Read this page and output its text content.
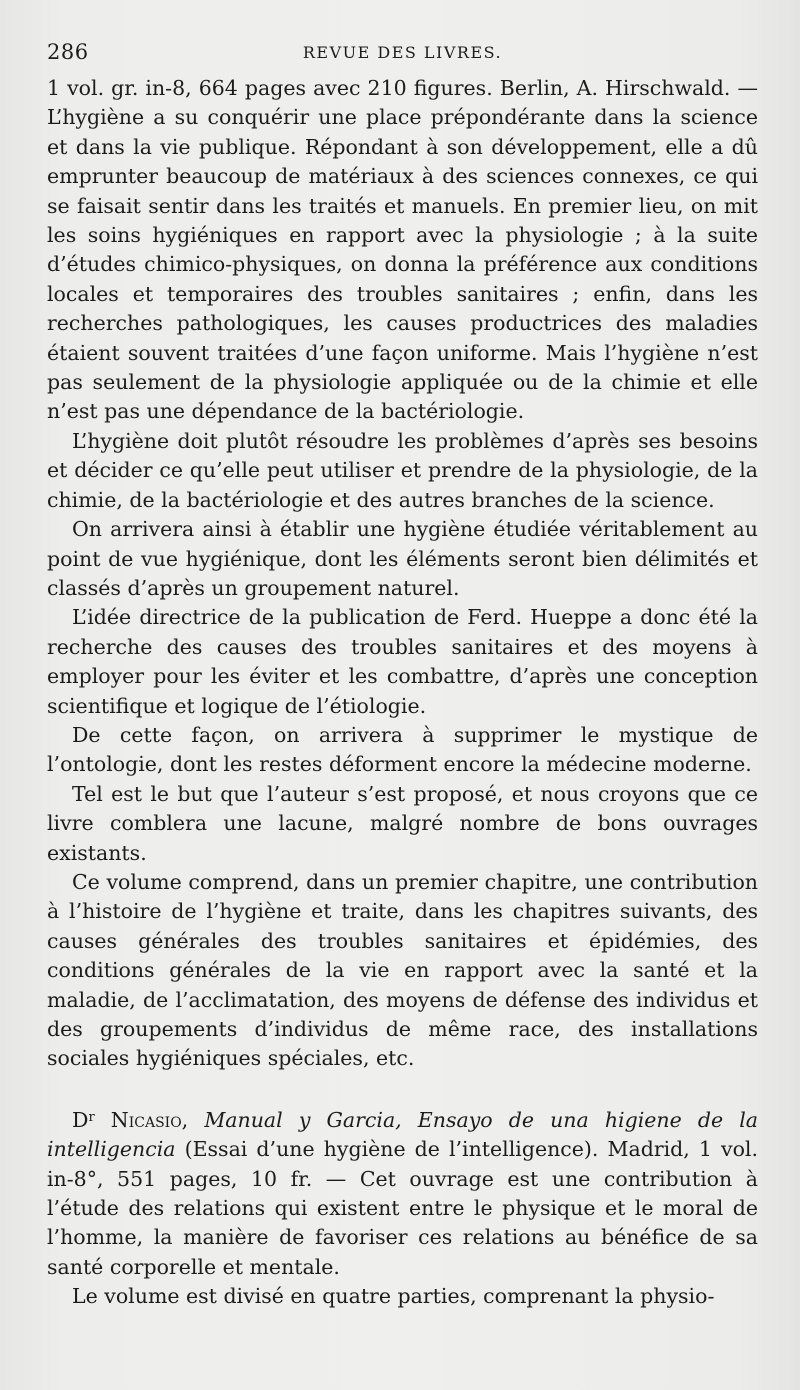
286	REVUE DES LIVRES.

1 vol. gr. in-8, 664 pages avec 210 figures. Berlin, A. Hirschwald. — L’hygiène a su conquérir une place prépondérante dans la science et dans la vie publique. Répondant à son développement, elle a dû emprunter beaucoup de matériaux à des sciences connexes, ce qui se faisait sentir dans les traités et manuels. En premier lieu, on mit les soins hygiéniques en rapport avec la physiologie ; à la suite d’études chimico-physiques, on donna la préférence aux conditions locales et temporaires des troubles sanitaires ; enfin, dans les recherches pathologiques, les causes productrices des maladies étaient souvent traitées d’une façon uniforme. Mais l’hygiène n’est pas seulement de la physiologie appliquée ou de la chimie et elle n’est pas une dépendance de la bactériologie.

L’hygiène doit plutôt résoudre les problèmes d’après ses besoins et décider ce qu’elle peut utiliser et prendre de la physiologie, de la chimie, de la bactériologie et des autres branches de la science.

On arrivera ainsi à établir une hygiène étudiée véritablement au point de vue hygiénique, dont les éléments seront bien délimités et classés d’après un groupement naturel.

L’idée directrice de la publication de Ferd. Hueppe a donc été la recherche des causes des troubles sanitaires et des moyens à employer pour les éviter et les combattre, d’après une conception scientifique et logique de l’étiologie.

De cette façon, on arrivera à supprimer le mystique de l’ontologie, dont les restes déforment encore la médecine moderne.

Tel est le but que l’auteur s’est proposé, et nous croyons que ce livre comblera une lacune, malgré nombre de bons ouvrages existants.

Ce volume comprend, dans un premier chapitre, une contribution à l’histoire de l’hygiène et traite, dans les chapitres suivants, des causes générales des troubles sanitaires et épidémies, des conditions générales de la vie en rapport avec la santé et la maladie, de l’acclimatation, des moyens de défense des individus et des groupements d’individus de même race, des installations sociales hygiéniques spéciales, etc.

$D^r$ Nicasio, Manual y Garcia, Ensayo de una higiene de la intelligencia (Essai d’une hygiène de l’intelligence). Madrid, 1 vol. in-8°, 551 pages, 10 fr. — Cet ouvrage est une contribution à l’étude des relations qui existent entre le physique et le moral de l’homme, la manière de favoriser ces relations au bénéfice de sa santé corporelle et mentale.

Le volume est divisé en quatre parties, comprenant la physio-
